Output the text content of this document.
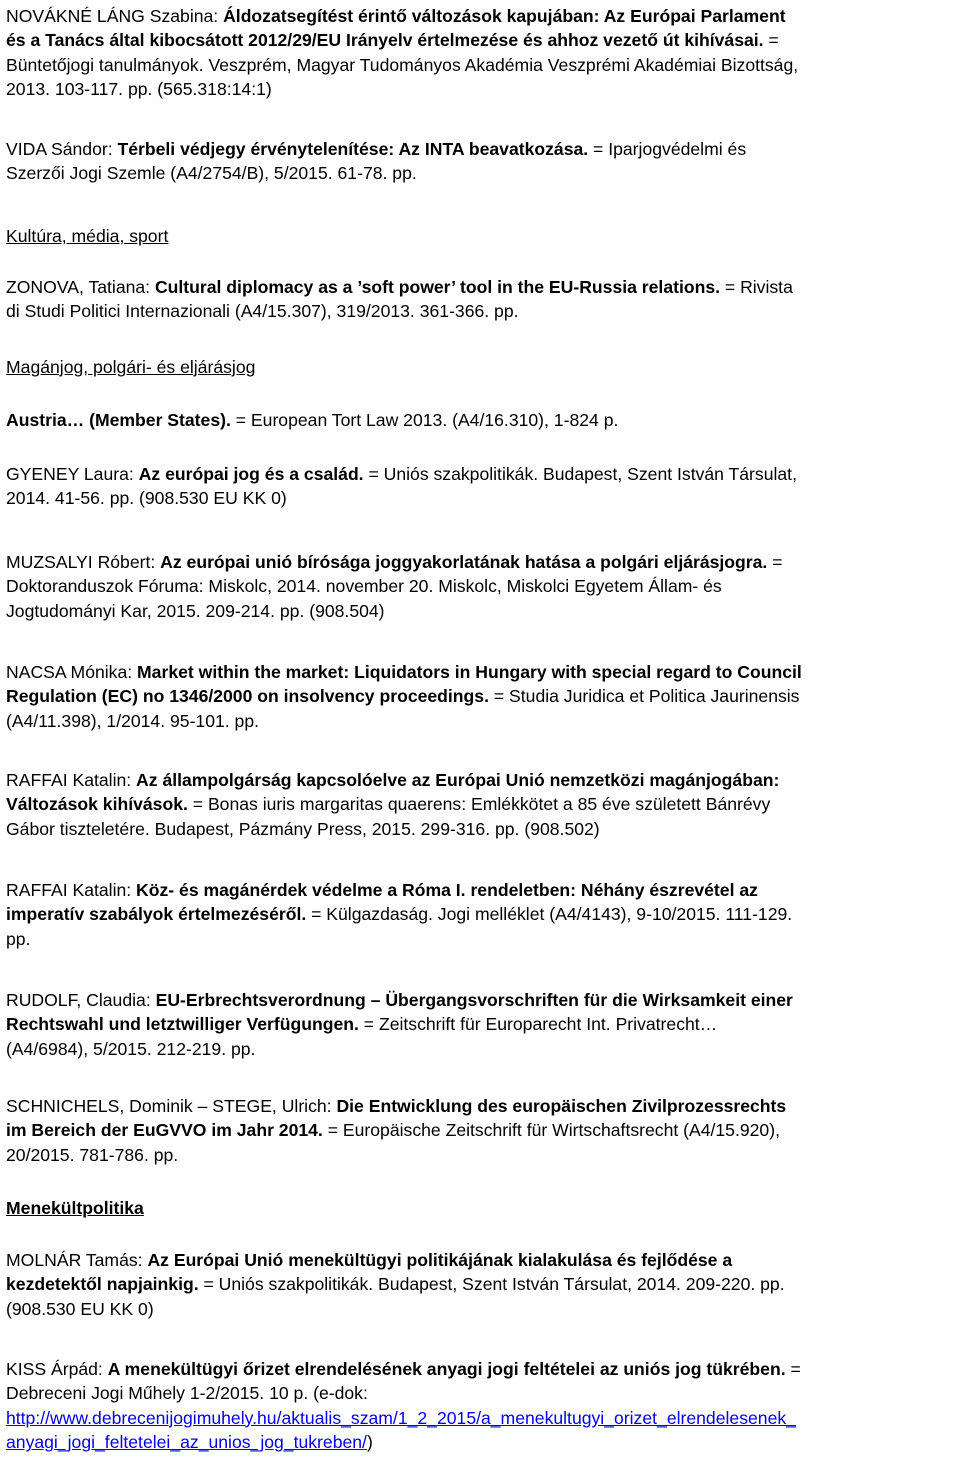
NOVÁKNÉ LÁNG Szabina: Áldozatsegítést érintő változások kapujában: Az Európai Parlament

és a Tanács által kibocsátott 2012/29/EU Irányelv értelmezése és ahhoz vezető út kihívásai. =

Büntetőjogi tanulmányok. Veszprém, Magyar Tudományos Akadémia Veszprémi Akadémiai Bizottság,

2013. 103-117. pp. (565.318:14:1)

VIDA Sándor: Térbeli védjegy érvénytelenítése: Az INTA beavatkozása. = Iparjogvédelmi és

Szerzői Jogi Szemle (A4/2754/B), 5/2015. 61-78. pp.

Kultúra, média, sport

ZONOVA, Tatiana: Cultural diplomacy as a ’soft power’ tool in the EU-Russia relations. = Rivista

di Studi Politici Internazionali (A4/15.307), 319/2013. 361-366. pp.

Magánjog, polgári- és eljárásjog

Austria… (Member States). = European Tort Law 2013. (A4/16.310), 1-824 p.

GYENEY Laura: Az európai jog és a család. = Uniós szakpolitikák. Budapest, Szent István Társulat,

2014. 41-56. pp. (908.530 EU KK 0)

MUZSALYI Róbert: Az európai unió bírósága joggyakorlatának hatása a polgári eljárásjogra. =

Doktoranduszok Fóruma: Miskolc, 2014. november 20. Miskolc, Miskolci Egyetem Állam- és

Jogtudományi Kar, 2015. 209-214. pp. (908.504)

NACSA Mónika: Market within the market: Liquidators in Hungary with special regard to Council

Regulation (EC) no 1346/2000 on insolvency proceedings. = Studia Juridica et Politica Jaurinensis

(A4/11.398), 1/2014. 95-101. pp.

RAFFAI Katalin: Az állampolgárság kapcsolóelve az Európai Unió nemzetközi magánjogában:

Változások kihívások. = Bonas iuris margaritas quaerens: Emlékkötet a 85 éve született Bánrévy

Gábor tiszteletére. Budapest, Pázmány Press, 2015. 299-316. pp. (908.502)

RAFFAI Katalin: Köz- és magánérdek védelme a Róma I. rendeletben: Néhány észrevétel az

imperatív szabályok értelmezéséről. = Külgazdaság. Jogi melléklet (A4/4143), 9-10/2015. 111-129.

pp.

RUDOLF, Claudia: EU-Erbrechtsverordnung – Übergangsvorschriften für die Wirksamkeit einer

Rechtswahl und letztwilliger Verfügungen. = Zeitschrift für Europarecht Int. Privatrecht…

(A4/6984), 5/2015. 212-219. pp.

SCHNICHELS, Dominik – STEGE, Ulrich: Die Entwicklung des europäischen Zivilprozessrechts

im Bereich der EuGVVO im Jahr 2014. = Europäische Zeitschrift für Wirtschaftsrecht (A4/15.920),

20/2015. 781-786. pp.

Menekültpolitika

MOLNÁR Tamás: Az Európai Unió menekültügyi politikájának kialakulása és fejlődése a

kezdetektől napjainkig. = Uniós szakpolitikák. Budapest, Szent István Társulat, 2014. 209-220. pp.

(908.530 EU KK 0)

KISS Árpád: A menekültügyi őrizet elrendelésének anyagi jogi feltételei az uniós jog tükrében. =

Debreceni Jogi Műhely 1-2/2015. 10 p. (e-dok:

http://www.debrecenijogimuhely.hu/aktualis_szam/1_2_2015/a_menekultugyi_orizet_elrendelesenek_

anyagi_jogi_feltetelei_az_unios_jog_tukreben/)
